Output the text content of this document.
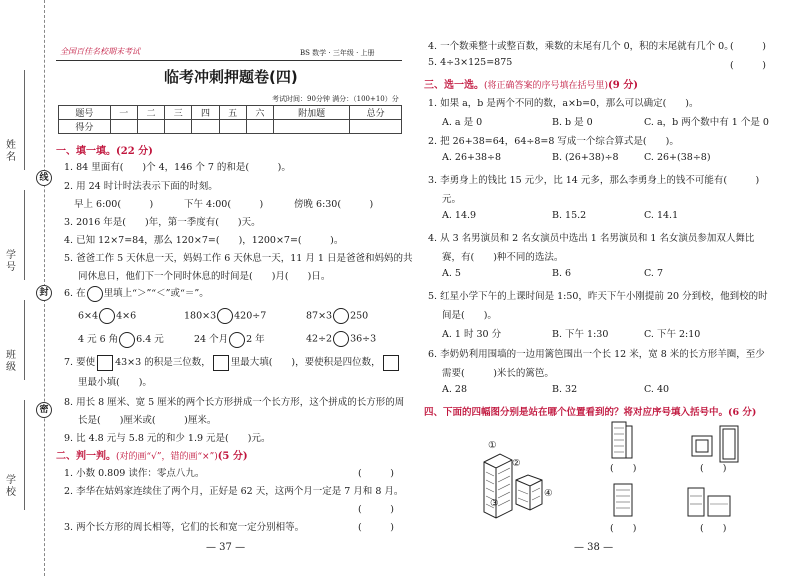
姓名
学号
班级
学校
线
封
密
全国百佳名校期末考试	BS 数学 · 三年级 · 上册
临考冲刺押题卷(四)
考试时间：90分钟 满分：（100+10）分
题号	一	二	三	四	五	六	附加题	总分
得分								
一、填一填。(22 分)
1. 84 里面有(　　)个 4，146 个 7 的和是(　　　)。
2. 用 24 时计时法表示下面的时刻。
早上 6:00(　　　)	下午 4:00(　　　)	傍晚 6:30(　　　)
3. 2016 年是(　　)年，第一季度有(　　)天。
4. 已知 12×7=84，那么 120×7=(　　)，1200×7=(　　　)。
5. 爸爸工作 5 天休息一天，妈妈工作 6 天休息一天，11 月 1 日是爸爸和妈妈的共
同休息日，他们下一个同时休息的时间是(　　)月(　　)日。
6. 在 里填上“＞”“＜”或“＝”。
6×4 4×6	180×3 420÷7	87×3 250
4 元 6 角 6.4 元	24 个月 2 年	42÷2 36÷3
7. 要使 43×3 的积是三位数， 里最大填(　　)，要使积是四位数，
里最小填(　　)。
8. 用长 8 厘米、宽 5 厘米的两个长方形拼成一个长方形，这个拼成的长方形的周
长是(　　)厘米或(　　　)厘米。
9. 比 4.8 元与 5.8 元的和少 1.9 元是(　　)元。
二、判一判。(对的画“√”，错的画“×”)(5 分)
1. 小数 0.809 读作：零点八九。	(　　　)
2. 李华在姑妈家连续住了两个月，正好是 62 天，这两个月一定是 7 月和 8 月。
(　　　)
3. 两个长方形的周长相等，它们的长和宽一定分别相等。	(　　　)
— 37 —
4. 一个数乘整十或整百数，乘数的末尾有几个 0，积的末尾就有几个 0。
(　　　)
5. 4÷3×125=875	(　　　)
三、选一选。(将正确答案的序号填在括号里)(9 分)
1. 如果 a，b 是两个不同的数，a×b=0，那么可以确定(　　)。
A. a 是 0	B. b 是 0	C. a，b 两个数中有 1 个是 0
2. 把 26+38=64，64÷8=8 写成一个综合算式是(　　)。
A. 26+38÷8	B. (26+38)÷8	C. 26+(38÷8)
3. 李勇身上的钱比 15 元少，比 14 元多，那么李勇身上的钱不可能有(　　　)
元。
A. 14.9	B. 15.2	C. 14.1
4. 从 3 名男演员和 2 名女演员中选出 1 名男演员和 1 名女演员参加双人舞比
赛，有(　　)种不同的选法。
A. 5	B. 6	C. 7
5. 红星小学下午的上课时间是 1:50，昨天下午小刚提前 20 分到校，他到校的时
间是(　　)。
A. 1 时 30 分	B. 下午 1:30	C. 下午 2:10
6. 李奶奶利用围墙的一边用篱笆围出一个长 12 米，宽 8 米的长方形羊圈，至少
需要(　　　)米长的篱笆。
A. 28	B. 32	C. 40
四、下面的四幅图分别是站在哪个位置看到的？将对应序号填入括号中。(6 分)
①
②
③
④
(　　)	(　　)
(　　)	(　　)
— 38 —
